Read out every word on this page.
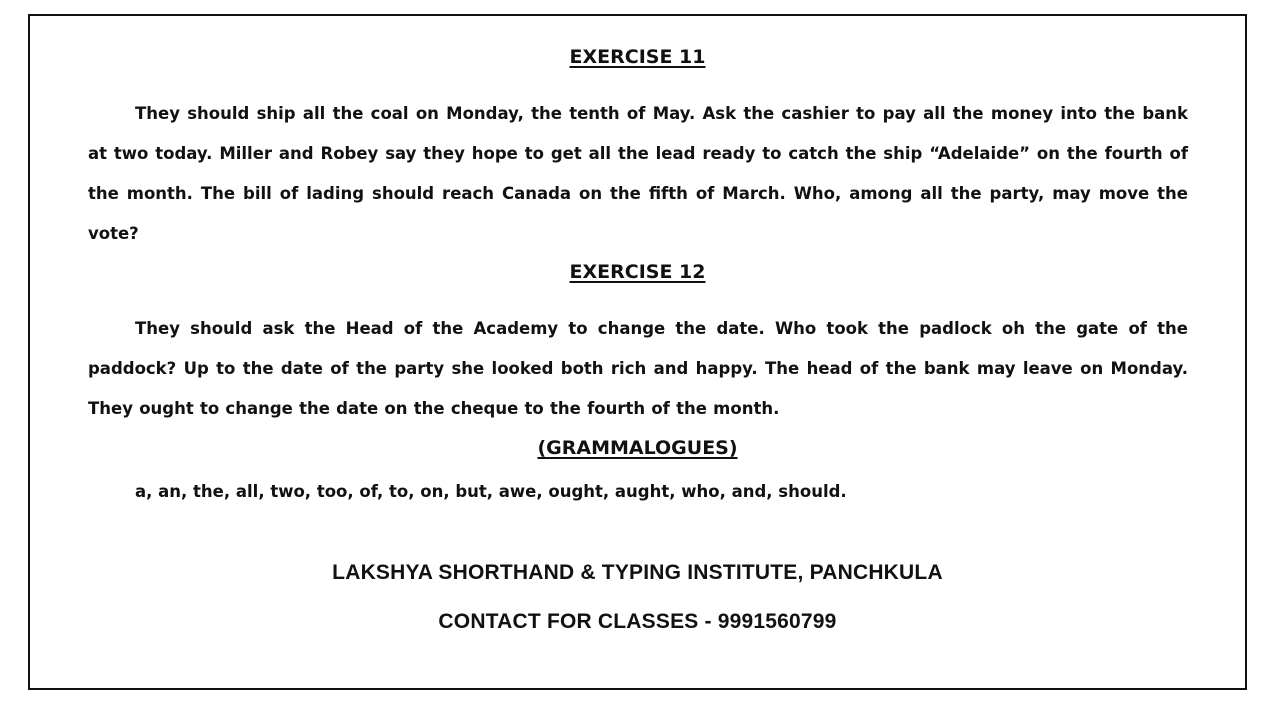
EXERCISE 11

They should ship all the coal on Monday, the tenth of May. Ask the cashier to pay all the money into the bank at two today. Miller and Robey say they hope to get all the lead ready to catch the ship “Adelaide” on the fourth of the month. The bill of lading should reach Canada on the fifth of March. Who, among all the party, may move the vote?

EXERCISE 12

They should ask the Head of the Academy to change the date. Who took the padlock oh the gate of the paddock? Up to the date of the party she looked both rich and happy. The head of the bank may leave on Monday. They ought to change the date on the cheque to the fourth of the month.

(GRAMMALOGUES)

a, an, the, all, two, too, of, to, on, but, awe, ought, aught, who, and, should.

LAKSHYA SHORTHAND & TYPING INSTITUTE, PANCHKULA

CONTACT FOR CLASSES - 9991560799
